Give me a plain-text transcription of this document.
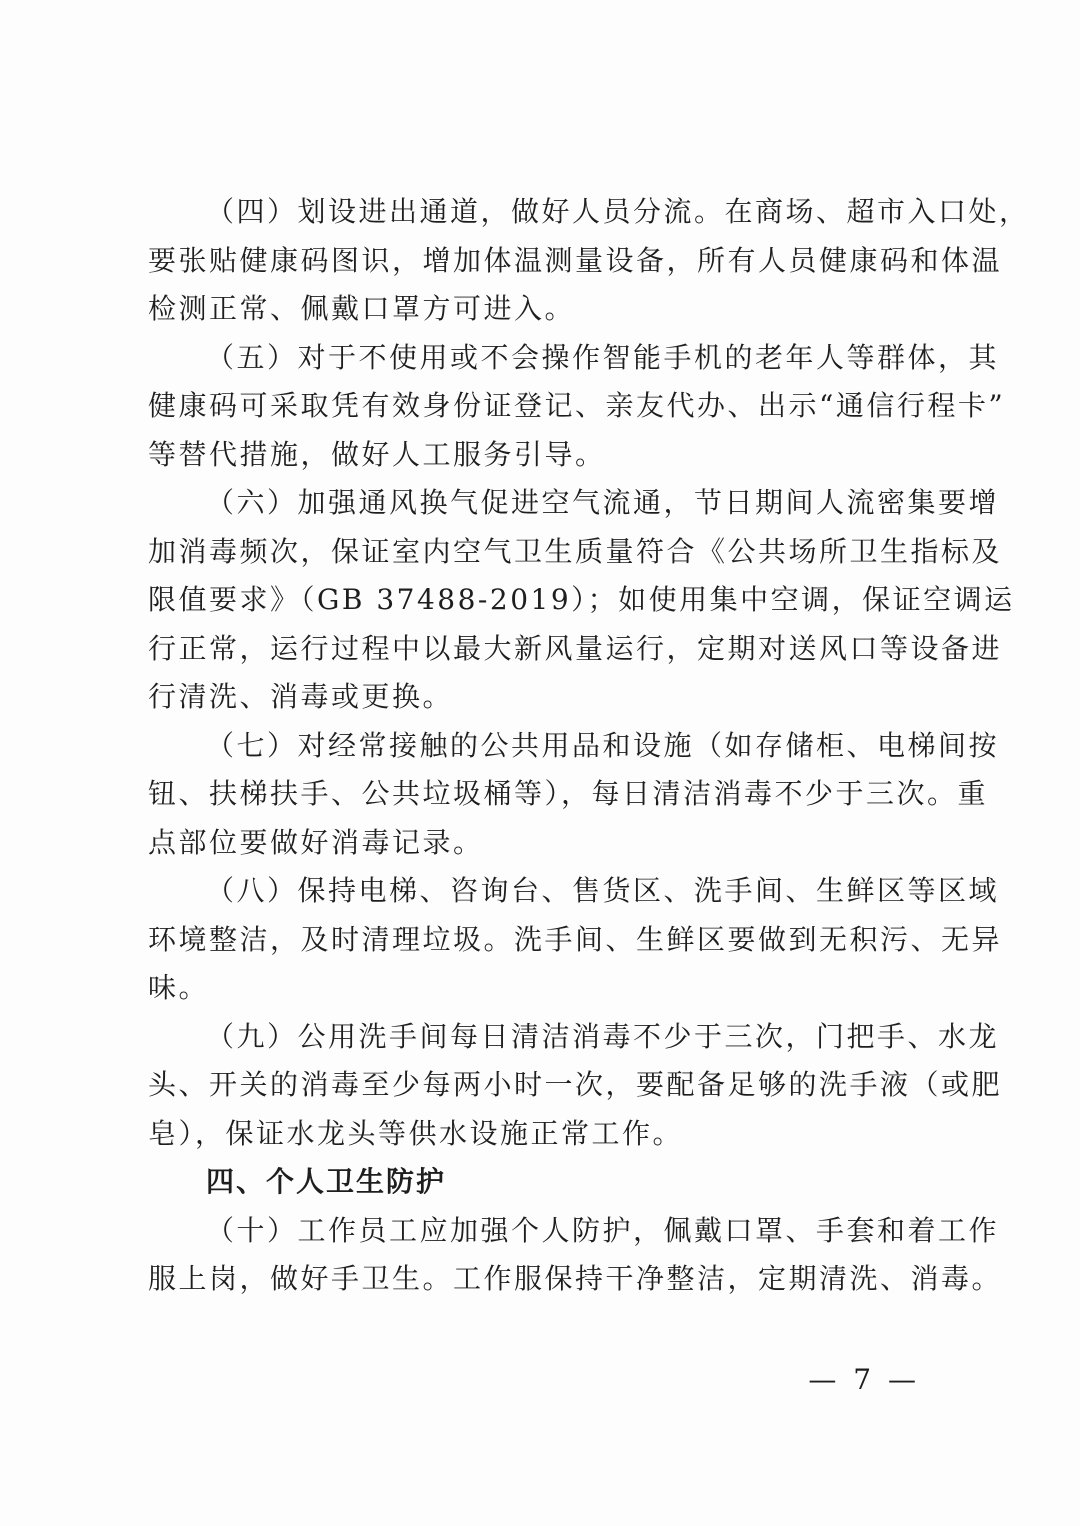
（四）划设进出通道，做好人员分流。在商场、超市入口处，
要张贴健康码图识，增加体温测量设备，所有人员健康码和体温
检测正常、佩戴口罩方可进入。
（五）对于不使用或不会操作智能手机的老年人等群体，其
健康码可采取凭有效身份证登记、亲友代办、出示“通信行程卡”
等替代措施，做好人工服务引导。
（六）加强通风换气促进空气流通，节日期间人流密集要增
加消毒频次，保证室内空气卫生质量符合《公共场所卫生指标及
限值要求》（GB 37488-2019）；如使用集中空调，保证空调运
行正常，运行过程中以最大新风量运行，定期对送风口等设备进
行清洗、消毒或更换。
（七）对经常接触的公共用品和设施（如存储柜、电梯间按
钮、扶梯扶手、公共垃圾桶等），每日清洁消毒不少于三次。重
点部位要做好消毒记录。
（八）保持电梯、咨询台、售货区、洗手间、生鲜区等区域
环境整洁，及时清理垃圾。洗手间、生鲜区要做到无积污、无异
味。
（九）公用洗手间每日清洁消毒不少于三次，门把手、水龙
头、开关的消毒至少每两小时一次，要配备足够的洗手液（或肥
皂），保证水龙头等供水设施正常工作。
四、个人卫生防护
（十）工作员工应加强个人防护，佩戴口罩、手套和着工作
服上岗，做好手卫生。工作服保持干净整洁，定期清洗、消毒。
— 7 —
